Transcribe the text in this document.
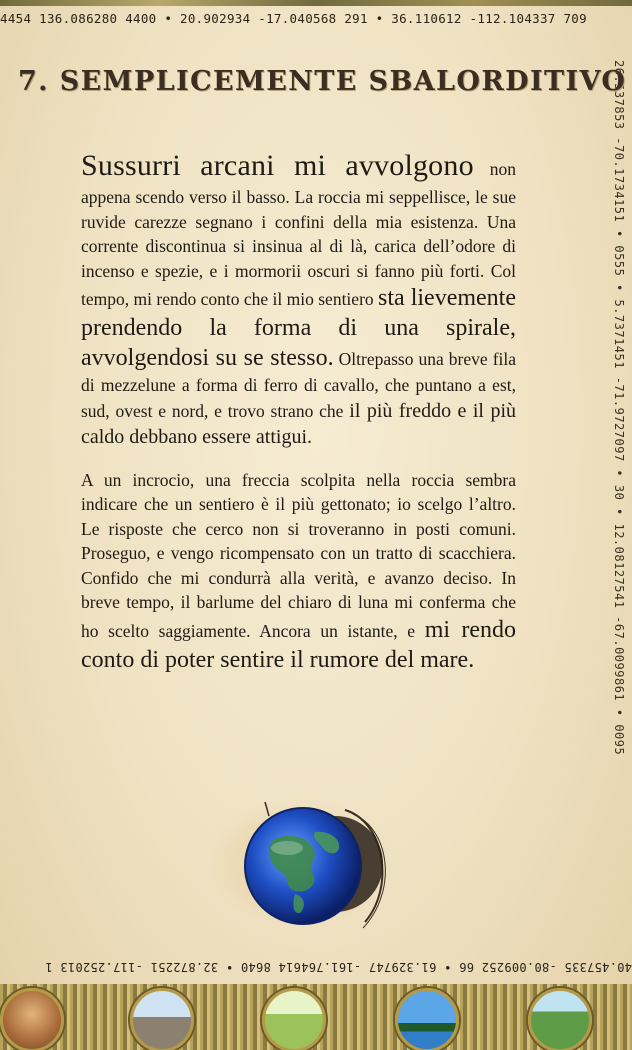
4454 136.086280 4400 • 20.902934 -17.040568 291 • 36.110612 -112.104337 709
26.537853 -70.1734151 • 0555 • 5.7371451 -71.9727097 • 30 • 12.08127541 -67.0099861 • 0095
7. SEMPLICEMENTE SBALORDITIVO

Sussurri arcani mi avvolgono non appena scendo verso il basso. La roccia mi seppellisce, le sue ruvide carezze segnano i confini della mia esistenza. Una corrente discontinua si insinua al di là, carica dell’odore di incenso e spezie, e i mormorii oscuri si fanno più forti. Col tempo, mi rendo conto che il mio sentiero sta lievemente prendendo la forma di una spirale, avvolgendosi su se stesso. Oltrepasso una breve fila di mezzelune a forma di ferro di cavallo, che puntano a est, sud, ovest e nord, e trovo strano che il più freddo e il più caldo debbano essere attigui.

A un incrocio, una freccia scolpita nella roccia sembra indicare che un sentiero è il più gettonato; io scelgo l’altro. Le risposte che cerco non si troveranno in posti comuni. Proseguo, e vengo ricompensato con un tratto di scacchiera. Confido che mi condurrà alla verità, e avanzo deciso. In breve tempo, il barlume del chiaro di luna mi conferma che ho scelto saggiamente. Ancora un istante, e mi rendo conto di poter sentire il rumore del mare.

40.457335 -80.009252 66 • 61.329747 -161.764614 8640 • 32.872251 -117.252013 1
